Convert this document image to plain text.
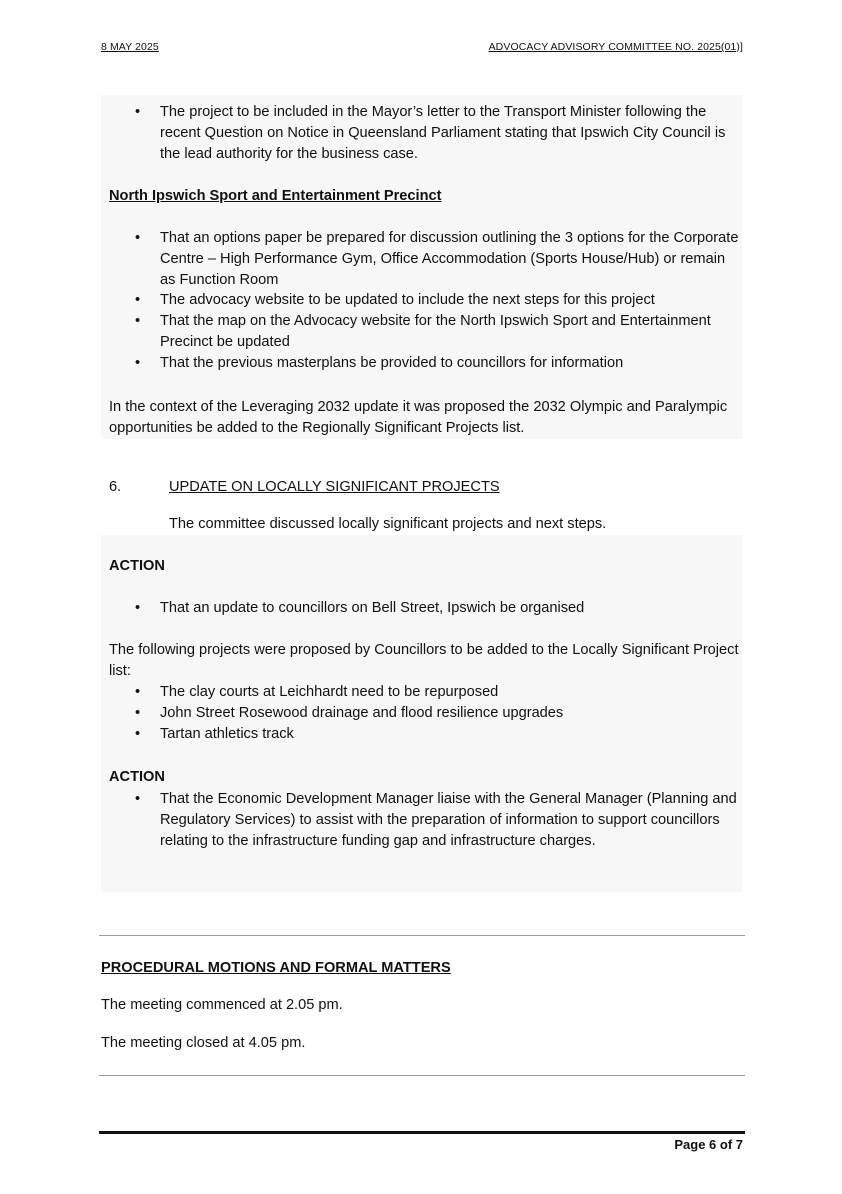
8 MAY 2025	ADVOCACY ADVISORY COMMITTEE NO. 2025(01)]
• The project to be included in the Mayor’s letter to the Transport Minister following the recent Question on Notice in Queensland Parliament stating that Ipswich City Council is the lead authority for the business case.
North Ipswich Sport and Entertainment Precinct
• That an options paper be prepared for discussion outlining the 3 options for the Corporate Centre – High Performance Gym, Office Accommodation (Sports House/Hub) or remain as Function Room
• The advocacy website to be updated to include the next steps for this project
• That the map on the Advocacy website for the North Ipswich Sport and Entertainment Precinct be updated
• That the previous masterplans be provided to councillors for information
In the context of the Leveraging 2032 update it was proposed the 2032 Olympic and Paralympic opportunities be added to the Regionally Significant Projects list.
6.	UPDATE ON LOCALLY SIGNIFICANT PROJECTS
The committee discussed locally significant projects and next steps.
ACTION
• That an update to councillors on Bell Street, Ipswich be organised
The following projects were proposed by Councillors to be added to the Locally Significant Project list:
• The clay courts at Leichhardt need to be repurposed
• John Street Rosewood drainage and flood resilience upgrades
• Tartan athletics track
ACTION
• That the Economic Development Manager liaise with the General Manager (Planning and Regulatory Services) to assist with the preparation of information to support councillors relating to the infrastructure funding gap and infrastructure charges.
PROCEDURAL MOTIONS AND FORMAL MATTERS
The meeting commenced at 2.05 pm.
The meeting closed at 4.05 pm.
Page 6 of 7
